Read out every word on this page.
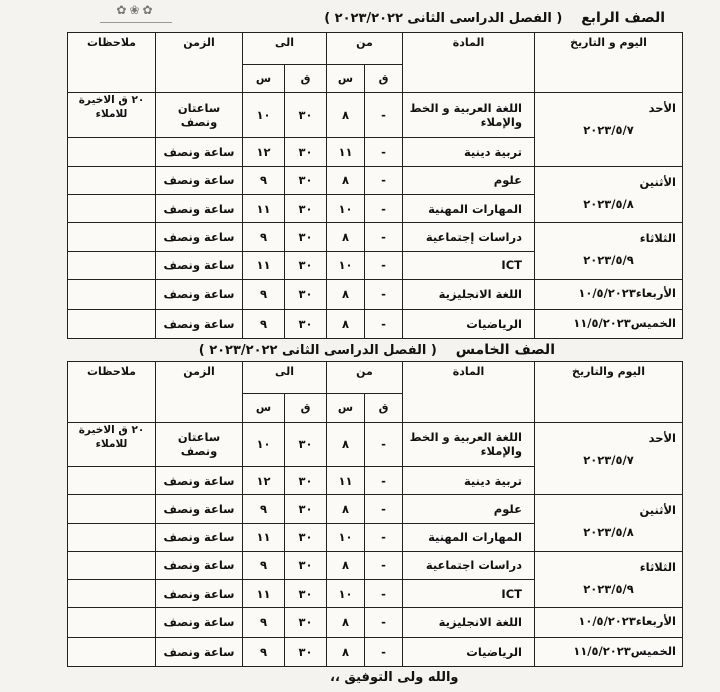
✿❀✿	الصف الرابع ( الفصل الدراسى الثانى ٢٠٢٣/٢٠٢٢ )
اليوم و التاريخ	المادة	من		الى		الزمن	ملاحظات
		ق	س	ق	س		
الأحد
٢٠٢٣/٥/٧	اللغة العربية و الخط والإملاء	-	٨	٣٠	١٠	ساعتان ونصف	٢٠ ق الاخيرة للاملاء
	تربية دينية	-	١١	٣٠	١٢	ساعة ونصف	
الأثنين
٢٠٢٣/٥/٨	علوم	-	٨	٣٠	٩	ساعة ونصف	
	المهارات المهنية	-	١٠	٣٠	١١	ساعة ونصف	
الثلاثاء
٢٠٢٣/٥/٩	دراسات إجتماعية	-	٨	٣٠	٩	ساعة ونصف	
	ICT	-	١٠	٣٠	١١	ساعة ونصف	
الأربعاء١٠/٥/٢٠٢٣	اللغة الانجليزية	-	٨	٣٠	٩	ساعة ونصف	
الخميس١١/٥/٢٠٢٣	الرياضيات	-	٨	٣٠	٩	ساعة ونصف	
الصف الخامس ( الفصل الدراسى الثانى ٢٠٢٣/٢٠٢٢ )
اليوم والتاريخ	المادة	من		الى		الزمن	ملاحظات
		ق	س	ق	س		
الأحد
٢٠٢٣/٥/٧	اللغة العربية و الخط والإملاء	-	٨	٣٠	١٠	ساعتان ونصف	٢٠ ق الاخيرة للاملاء
	تربية دينية	-	١١	٣٠	١٢	ساعة ونصف	
الأثنين
٢٠٢٣/٥/٨	علوم	-	٨	٣٠	٩	ساعة ونصف	
	المهارات المهنية	-	١٠	٣٠	١١	ساعة ونصف	
الثلاثاء
٢٠٢٣/٥/٩	دراسات اجتماعية	-	٨	٣٠	٩	ساعة ونصف	
	ICT	-	١٠	٣٠	١١	ساعة ونصف	
الأربعاء١٠/٥/٢٠٢٣	اللغة الانجليزية	-	٨	٣٠	٩	ساعة ونصف	
الخميس١١/٥/٢٠٢٣	الرياضيات	-	٨	٣٠	٩	ساعة ونصف	
والله ولى التوفيق ،،
